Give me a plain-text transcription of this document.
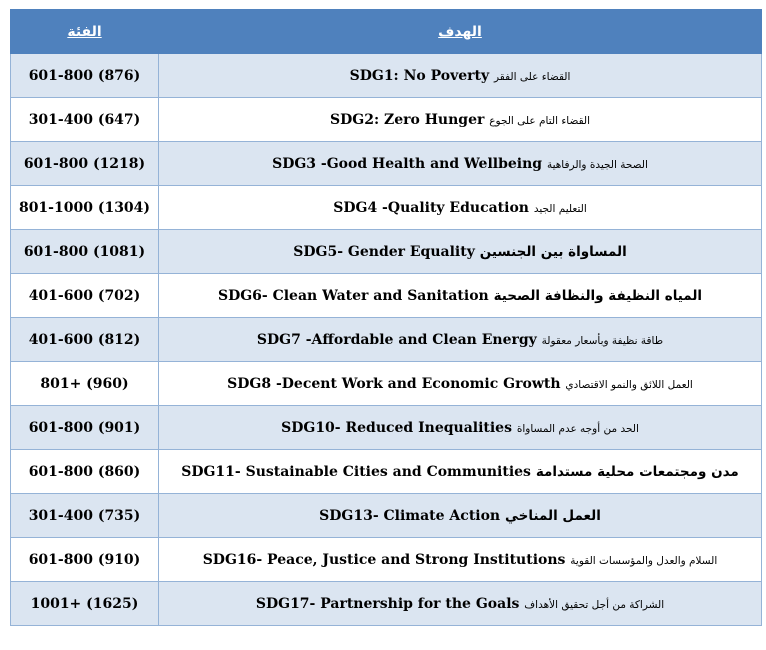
الفئة	الهدف
601-800 (876)	SDG1: No Poverty القضاء على الفقر
301-400 (647)	SDG2: Zero Hunger القضاء التام على الجوع
601-800 (1218)	SDG3 -Good Health and Wellbeing الصحة الجيدة والرفاهية
801-1000 (1304)	SDG4 -Quality Education التعليم الجيد
601-800 (1081)	SDG5- Gender Equality المساواة بين الجنسين
401-600 (702)	SDG6- Clean Water and Sanitation المياه النظيفة والنظافة الصحية
401-600 (812)	SDG7 -Affordable and Clean Energy طاقة نظيفة وبأسعار معقولة
801+ (960)	SDG8 -Decent Work and Economic Growth العمل اللائق والنمو الاقتصادي
601-800 (901)	SDG10- Reduced Inequalities الحد من أوجه عدم المساواة
601-800 (860)	SDG11- Sustainable Cities and Communities مدن ومجتمعات محلية مستدامة
301-400 (735)	SDG13- Climate Action العمل المناخي
601-800 (910)	SDG16- Peace, Justice and Strong Institutions السلام والعدل والمؤسسات القوية
1001+ (1625)	SDG17- Partnership for the Goals الشراكة من أجل تحقيق الأهداف
